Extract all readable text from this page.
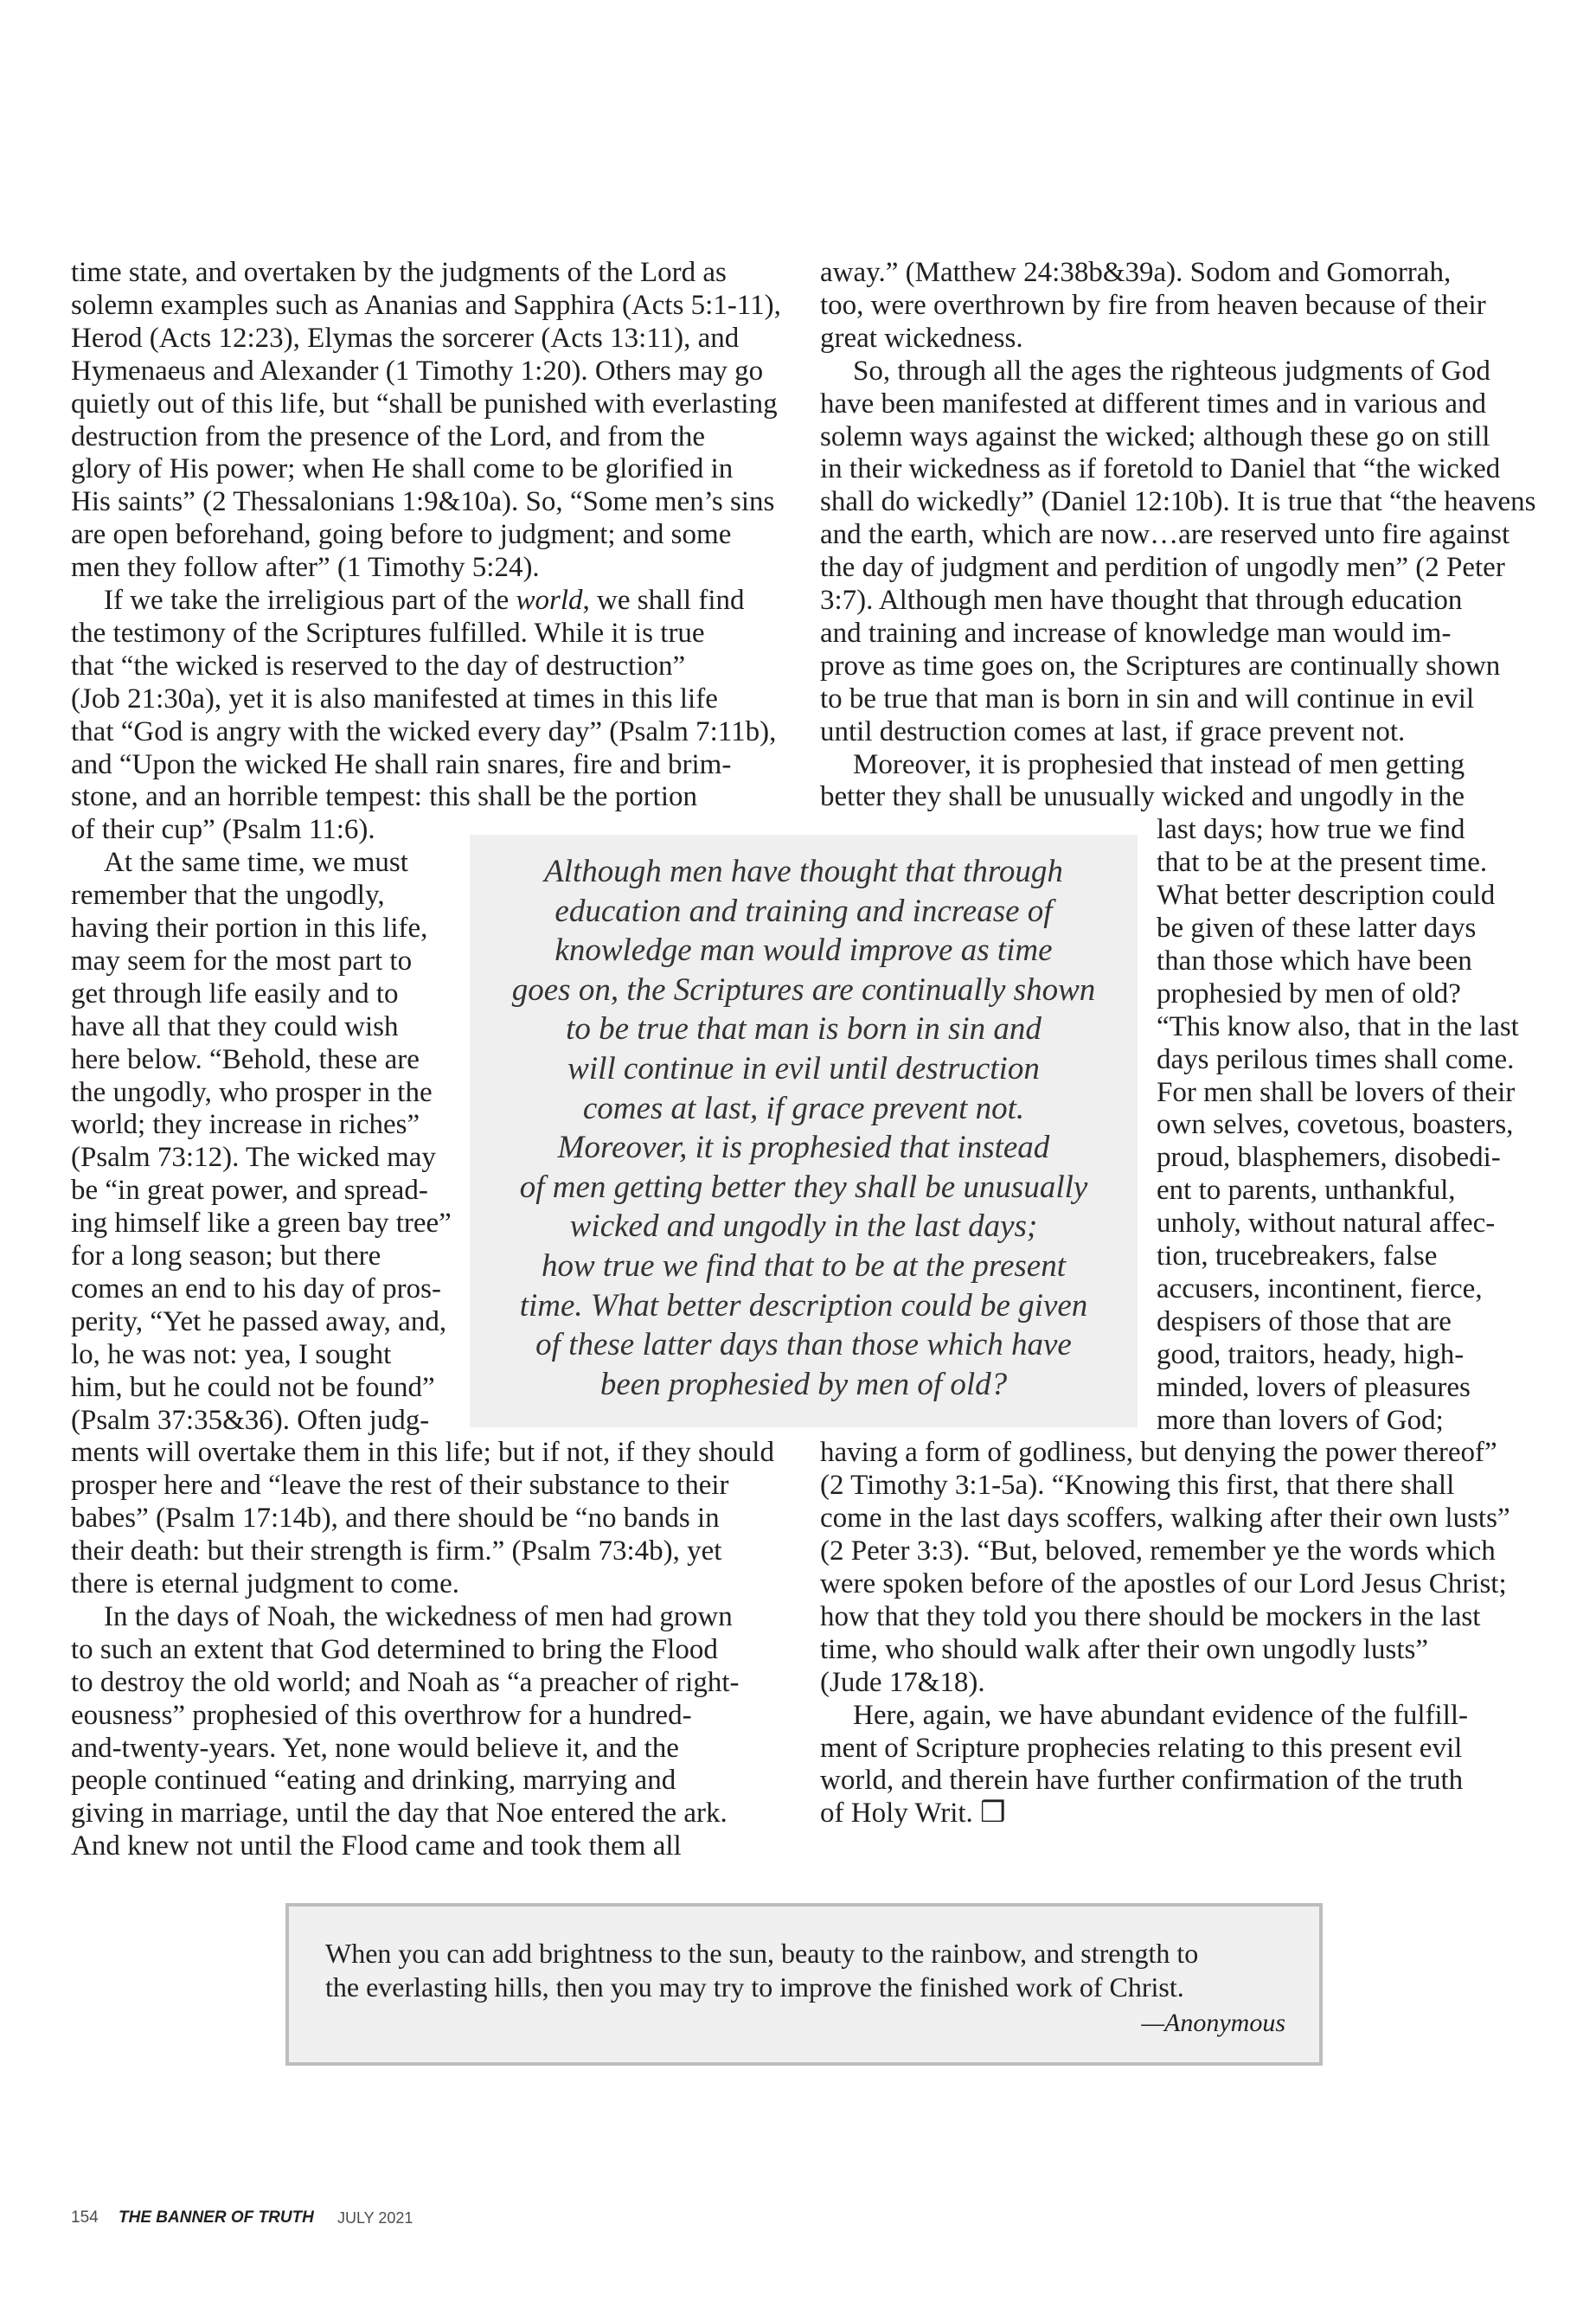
time state, and overtaken by the judgments of the Lord as
solemn examples such as Ananias and Sapphira (Acts 5:1-11),
Herod (Acts 12:23), Elymas the sorcerer (Acts 13:11), and
Hymenaeus and Alexander (1 Timothy 1:20). Others may go
quietly out of this life, but “shall be punished with everlasting
destruction from the presence of the Lord, and from the
glory of His power; when He shall come to be glorified in
His saints” (2 Thessalonians 1:9&10a). So, “Some men’s sins
are open beforehand, going before to judgment; and some
men they follow after” (1 Timothy 5:24).
If we take the irreligious part of the world, we shall find
the testimony of the Scriptures fulfilled. While it is true
that “the wicked is reserved to the day of destruction”
(Job 21:30a), yet it is also manifested at times in this life
that “God is angry with the wicked every day” (Psalm 7:11b),
and “Upon the wicked He shall rain snares, fire and brim-
stone, and an horrible tempest: this shall be the portion
of their cup” (Psalm 11:6).
At the same time, we must
remember that the ungodly,
having their portion in this life,
may seem for the most part to
get through life easily and to
have all that they could wish
here below. “Behold, these are
the ungodly, who prosper in the
world; they increase in riches”
(Psalm 73:12). The wicked may
be “in great power, and spread-
ing himself like a green bay tree”
for a long season; but there
comes an end to his day of pros-
perity, “Yet he passed away, and,
lo, he was not: yea, I sought
him, but he could not be found”
(Psalm 37:35&36). Often judg-
ments will overtake them in this life; but if not, if they should
prosper here and “leave the rest of their substance to their
babes” (Psalm 17:14b), and there should be “no bands in
their death: but their strength is firm.” (Psalm 73:4b), yet
there is eternal judgment to come.
In the days of Noah, the wickedness of men had grown
to such an extent that God determined to bring the Flood
to destroy the old world; and Noah as “a preacher of right-
eousness” prophesied of this overthrow for a hundred-
and-twenty-years. Yet, none would believe it, and the
people continued “eating and drinking, marrying and
giving in marriage, until the day that Noe entered the ark.
And knew not until the Flood came and took them all
away.” (Matthew 24:38b&39a). Sodom and Gomorrah,
too, were overthrown by fire from heaven because of their
great wickedness.
So, through all the ages the righteous judgments of God
have been manifested at different times and in various and
solemn ways against the wicked; although these go on still
in their wickedness as if foretold to Daniel that “the wicked
shall do wickedly” (Daniel 12:10b). It is true that “the heavens
and the earth, which are now…are reserved unto fire against
the day of judgment and perdition of ungodly men” (2 Peter
3:7). Although men have thought that through education
and training and increase of knowledge man would im-
prove as time goes on, the Scriptures are continually shown
to be true that man is born in sin and will continue in evil
until destruction comes at last, if grace prevent not.
Moreover, it is prophesied that instead of men getting
better they shall be unusually wicked and ungodly in the
last days; how true we find
that to be at the present time.
What better description could
be given of these latter days
than those which have been
prophesied by men of old?
“This know also, that in the last
days perilous times shall come.
For men shall be lovers of their
own selves, covetous, boasters,
proud, blasphemers, disobedi-
ent to parents, unthankful,
unholy, without natural affec-
tion, trucebreakers, false
accusers, incontinent, fierce,
despisers of those that are
good, traitors, heady, high-
minded, lovers of pleasures
more than lovers of God;
having a form of godliness, but denying the power thereof”
(2 Timothy 3:1-5a). “Knowing this first, that there shall
come in the last days scoffers, walking after their own lusts”
(2 Peter 3:3). “But, beloved, remember ye the words which
were spoken before of the apostles of our Lord Jesus Christ;
how that they told you there should be mockers in the last
time, who should walk after their own ungodly lusts”
(Jude 17&18).
Here, again, we have abundant evidence of the fulfill-
ment of Scripture prophecies relating to this present evil
world, and therein have further confirmation of the truth
of Holy Writ. ❒
Although men have thought that through
education and training and increase of
knowledge man would improve as time
goes on, the Scriptures are continually shown
to be true that man is born in sin and
will continue in evil until destruction
comes at last, if grace prevent not.
Moreover, it is prophesied that instead
of men getting better they shall be unusually
wicked and ungodly in the last days;
how true we find that to be at the present
time. What better description could be given
of these latter days than those which have
been prophesied by men of old?
When you can add brightness to the sun, beauty to the rainbow, and strength to
the everlasting hills, then you may try to improve the finished work of Christ.
—Anonymous
154 THE BANNER OF TRUTH JULY 2021
